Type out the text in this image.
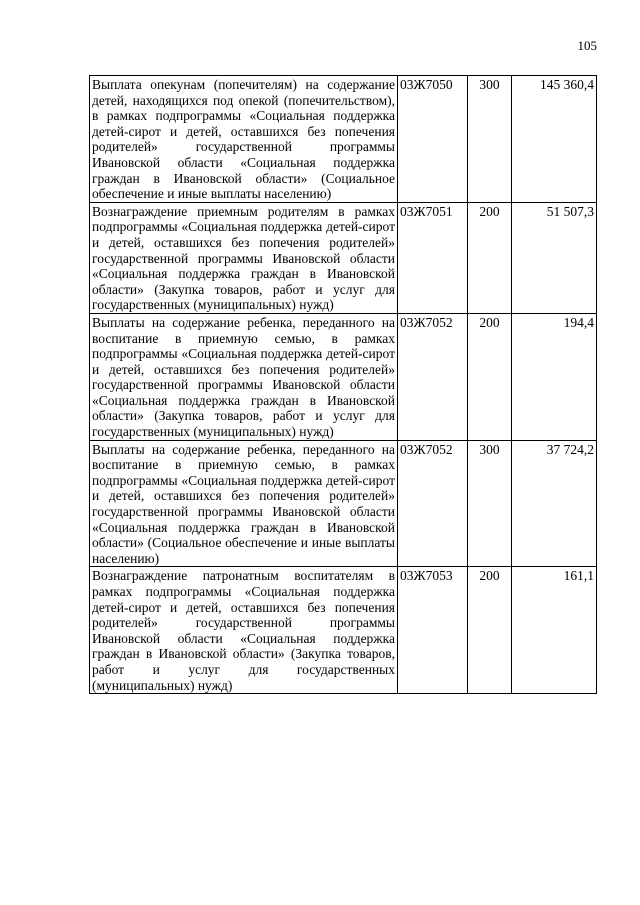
105
Выплата опекунам (попечителям) на содержание детей, находящихся под опекой (попечительством), в рамках подпрограммы «Социальная поддержка детей-сирот и детей, оставшихся без попечения родителей» государственной программы Ивановской области «Социальная поддержка граждан в Ивановской области» (Социальное обеспечение и иные выплаты населению)	03Ж7050	300	145 360,4
Вознаграждение приемным родителям в рамках подпрограммы «Социальная поддержка детей-сирот и детей, оставшихся без попечения родителей» государственной программы Ивановской области «Социальная поддержка граждан в Ивановской области» (Закупка товаров, работ и услуг для государственных (муниципальных) нужд)	03Ж7051	200	51 507,3
Выплаты на содержание ребенка, переданного на воспитание в приемную семью, в рамках подпрограммы «Социальная поддержка детей-сирот и детей, оставшихся без попечения родителей» государственной программы Ивановской области «Социальная поддержка граждан в Ивановской области» (Закупка товаров, работ и услуг для государственных (муниципальных) нужд)	03Ж7052	200	194,4
Выплаты на содержание ребенка, переданного на воспитание в приемную семью, в рамках подпрограммы «Социальная поддержка детей-сирот и детей, оставшихся без попечения родителей» государственной программы Ивановской области «Социальная поддержка граждан в Ивановской области» (Социальное обеспечение и иные выплаты населению)	03Ж7052	300	37 724,2
Вознаграждение патронатным воспитателям в рамках подпрограммы «Социальная поддержка детей-сирот и детей, оставшихся без попечения родителей» государственной программы Ивановской области «Социальная поддержка граждан в Ивановской области» (Закупка товаров, работ и услуг для государственных (муниципальных) нужд)	03Ж7053	200	161,1
